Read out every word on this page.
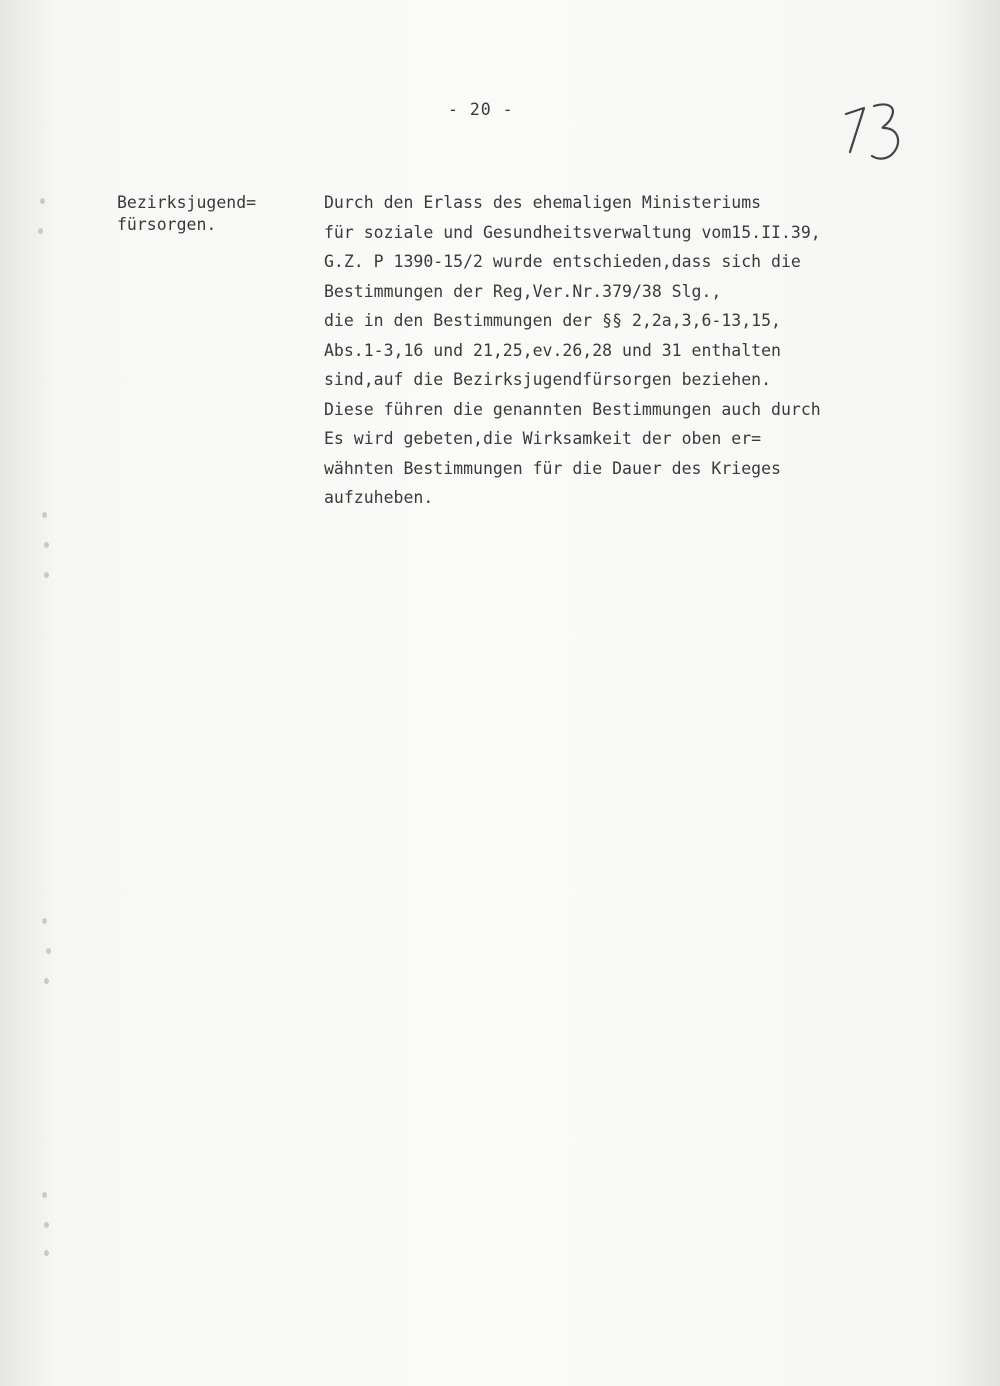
- 20 -
Bezirksjugend=
fürsorgen.
Durch den Erlass des ehemaligen Ministeriums
für soziale und Gesundheitsverwaltung vom15.II.39,
G.Z. P 1390-15/2 wurde entschieden,dass sich die
Bestimmungen der Reg,Ver.Nr.379/38 Slg.,
die in den Bestimmungen der §§ 2,2a,3,6-13,15,
Abs.1-3,16 und 21,25,ev.26,28 und 31 enthalten
sind,auf die Bezirksjugendfürsorgen beziehen.
Diese führen die genannten Bestimmungen auch durch
Es wird gebeten,die Wirksamkeit der oben er=
wähnten Bestimmungen für die Dauer des Krieges
aufzuheben.
